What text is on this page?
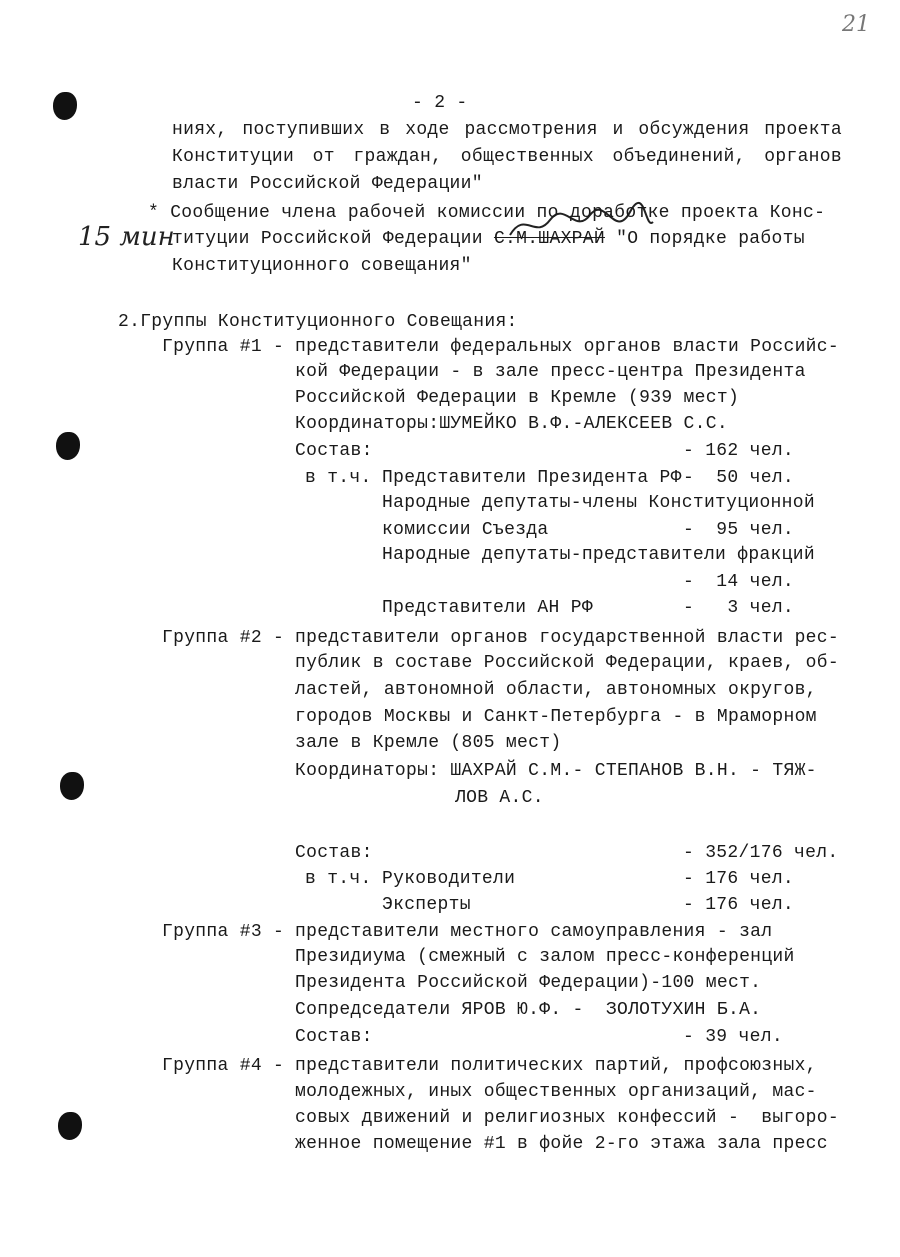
21
15 мин
- 2 -
ниях, поступивших в ходе рассмотрения и обсуждения проекта
Конституции от граждан, общественных объединений, органов
власти Российской Федерации"
* Сообщение члена рабочей комиссии по доработке проекта Конс-
титуции Российской Федерации С.М.ШАХРАЙ "О порядке работы
Конституционного совещания"
2.Группы Конституционного Совещания:
Группа #1 - представители федеральных органов власти Российс-
кой Федерации - в зале пресс-центра Президента
Российской Федерации в Кремле (939 мест)
Координаторы:ШУМЕЙКО В.Ф.-АЛЕКСЕЕВ С.С.
Состав:	- 162 чел.
в т.ч. Представители Президента РФ -  50 чел.
Народные депутаты-члены Конституционной
комиссии Съезда	-  95 чел.
Народные депутаты-представители фракций
-  14 чел.
Представители АН РФ	-   3 чел.
Группа #2 - представители органов государственной власти рес-
публик в составе Российской Федерации, краев, об-
ластей, автономной области, автономных округов,
городов Москвы и Санкт-Петербурга - в Мраморном
зале в Кремле (805 мест)
Координаторы: ШАХРАЙ С.М.- СТЕПАНОВ В.Н. - ТЯЖ-
ЛОВ А.С.
Состав:	- 352/176 чел.
в т.ч. Руководители	- 176 чел.
Эксперты	- 176 чел.
Группа #3 - представители местного самоуправления - зал
Президиума (смежный с залом пресс-конференций
Президента Российской Федерации)-100 мест.
Сопредседатели ЯРОВ Ю.Ф. -  ЗОЛОТУХИН Б.А.
Состав:	- 39 чел.
Группа #4 - представители политических партий, профсоюзных,
молодежных, иных общественных организаций, мас-
совых движений и религиозных конфессий -  выгоро-
женное помещение #1 в фойе 2-го этажа зала пресс
